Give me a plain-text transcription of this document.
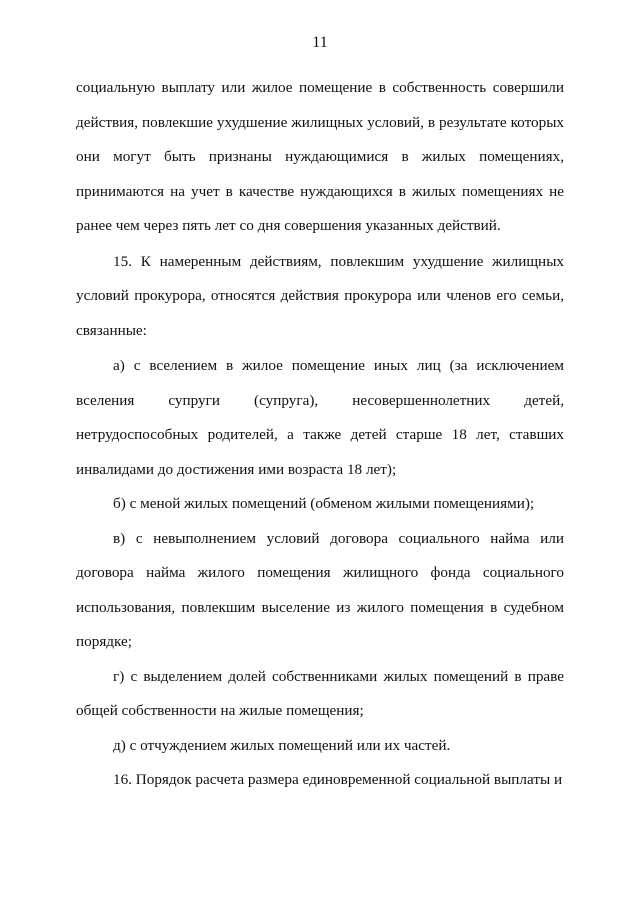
11

социальную выплату или жилое помещение в собственность совершили действия, повлекшие ухудшение жилищных условий, в результате которых они могут быть признаны нуждающимися в жилых помещениях, принимаются на учет в качестве нуждающихся в жилых помещениях не ранее чем через пять лет со дня совершения указанных действий.

15. К намеренным действиям, повлекшим ухудшение жилищных условий прокурора, относятся действия прокурора или членов его семьи, связанные:

а) с вселением в жилое помещение иных лиц (за исключением вселения супруги (супруга), несовершеннолетних детей, нетрудоспособных родителей, а также детей старше 18 лет, ставших инвалидами до достижения ими возраста 18 лет);

б) с меной жилых помещений (обменом жилыми помещениями);

в) с невыполнением условий договора социального найма или договора найма жилого помещения жилищного фонда социального использования, повлекшим выселение из жилого помещения в судебном порядке;

г) с выделением долей собственниками жилых помещений в праве общей собственности на жилые помещения;

д) с отчуждением жилых помещений или их частей.

16. Порядок расчета размера единовременной социальной выплаты и
